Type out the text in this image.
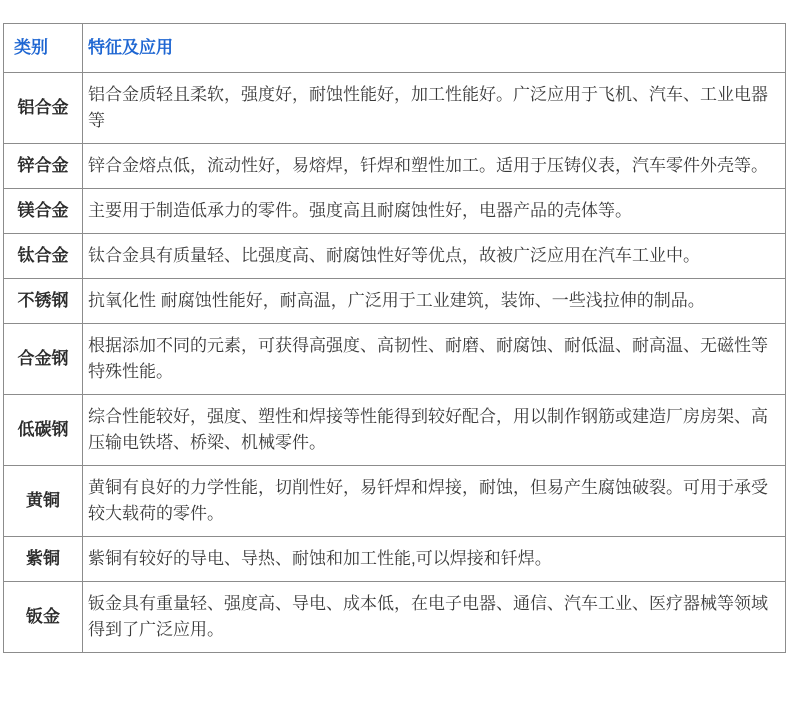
类别	特征及应用
铝合金	铝合金质轻且柔软，强度好，耐蚀性能好，加工性能好。广泛应用于飞机、汽车、工业电器等
锌合金	锌合金熔点低，流动性好，易熔焊，钎焊和塑性加工。适用于压铸仪表，汽车零件外壳等。
镁合金	主要用于制造低承力的零件。强度高且耐腐蚀性好，电器产品的壳体等。
钛合金	钛合金具有质量轻、比强度高、耐腐蚀性好等优点，故被广泛应用在汽车工业中。
不锈钢	抗氧化性 耐腐蚀性能好，耐高温，广泛用于工业建筑，装饰、一些浅拉伸的制品。
合金钢	根据添加不同的元素，可获得高强度、高韧性、耐磨、耐腐蚀、耐低温、耐高温、无磁性等特殊性能。
低碳钢	综合性能较好，强度、塑性和焊接等性能得到较好配合，用以制作钢筋或建造厂房房架、高压输电铁塔、桥梁、机械零件。
黄铜	黄铜有良好的力学性能，切削性好，易钎焊和焊接，耐蚀，但易产生腐蚀破裂。可用于承受较大载荷的零件。
紫铜	紫铜有较好的导电、导热、耐蚀和加工性能,可以焊接和钎焊。
钣金	钣金具有重量轻、强度高、导电、成本低，在电子电器、通信、汽车工业、医疗器械等领域得到了广泛应用。
